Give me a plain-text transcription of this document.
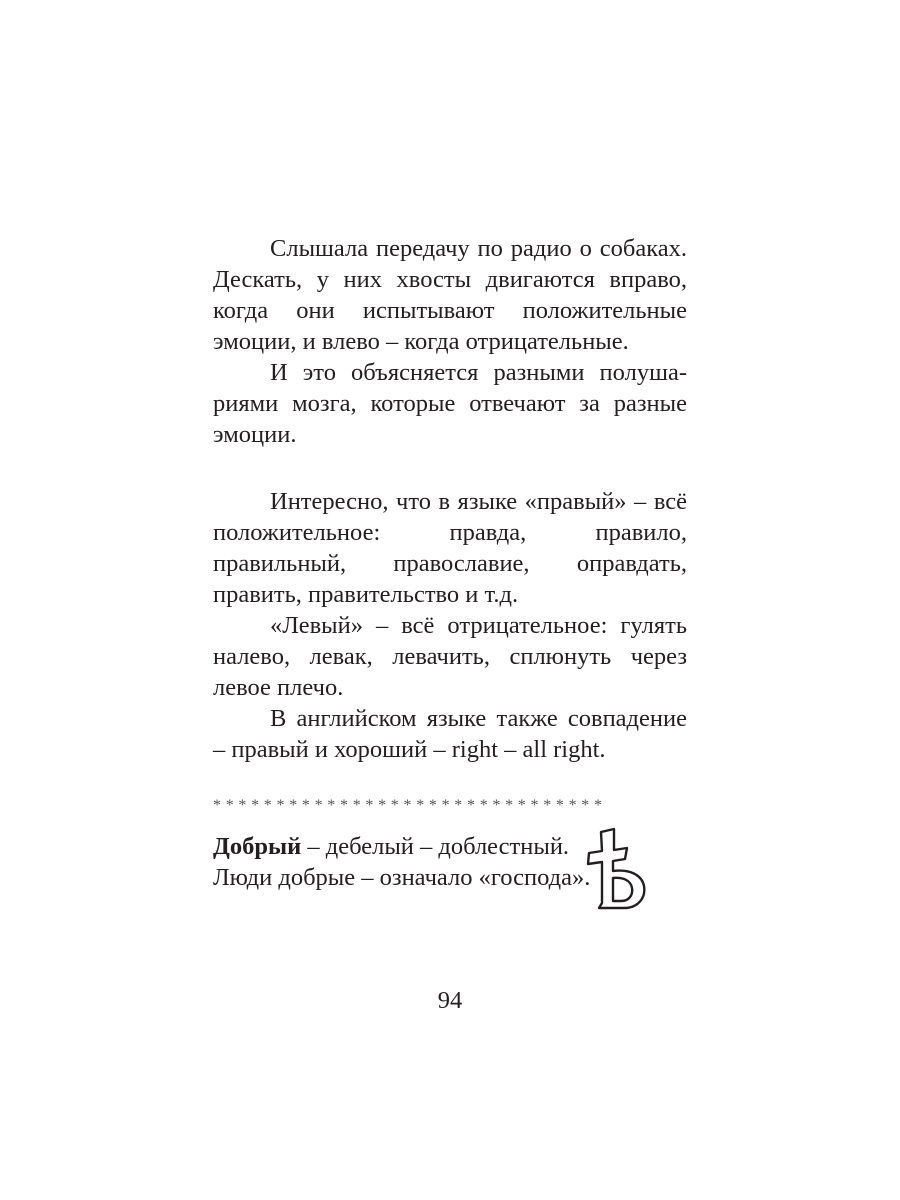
Слышала передачу по радио о собаках. Дескать, у них хвосты двигаются вправо, когда они испытывают положительные эмоции, и влево – когда отрицательные.

И это объясняется разными полушариями мозга, которые отвечают за разные эмоции.

Интересно, что в языке «правый» – всё положительное: правда, правило, правильный, православие, оправдать, править, правительство и т.д.

«Левый» – всё отрицательное: гулять налево, левак, левачить, сплюнуть через левое плечо.

В английском языке также совпадение – правый и хороший – right – all right.

*******************************

Добрый – дебелый – доблестный.

Люди добрые – означало «господа».

94
